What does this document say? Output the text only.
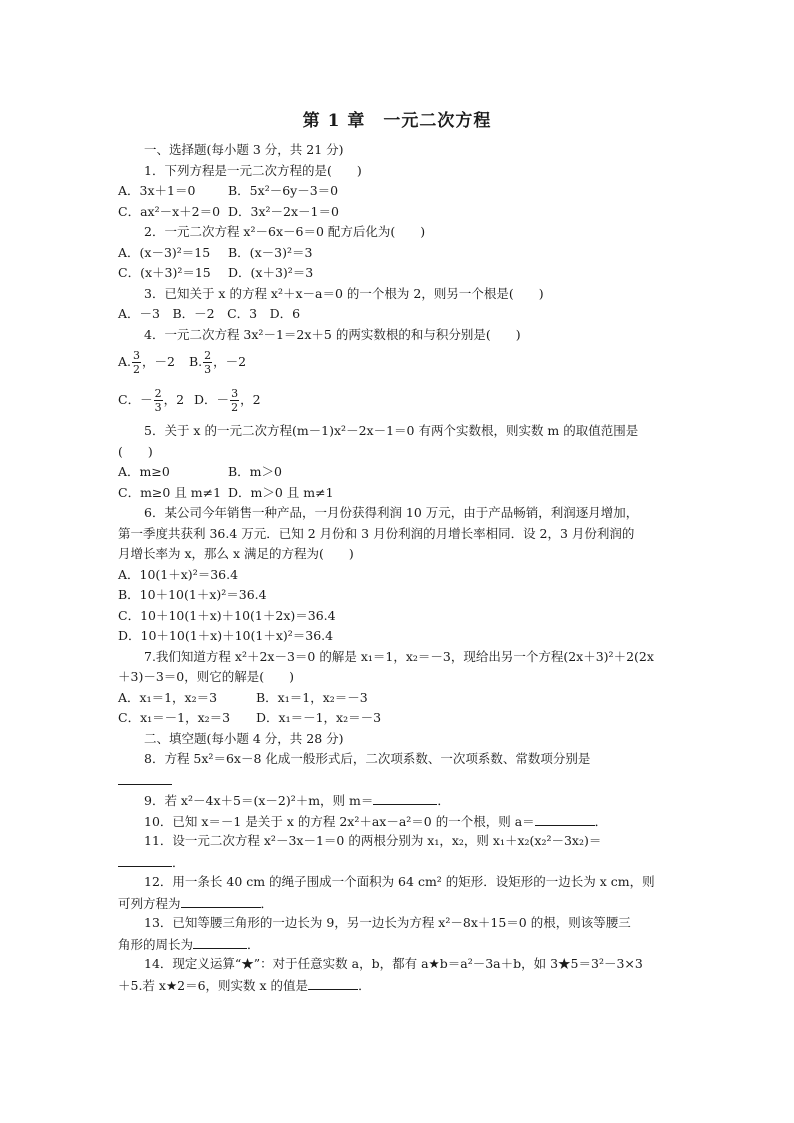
第 1 章　一元二次方程
一、选择题(每小题 3 分，共 21 分)
1．下列方程是一元二次方程的是(　　)
A．3x＋1＝0	B．5x²－6y－3＝0
C．ax²－x＋2＝0 D．3x²－2x－1＝0
2．一元二次方程 x²－6x－6＝0 配方后化为(　　)
A．(x－3)²＝15	B．(x－3)²＝3
C．(x＋3)²＝15	D．(x＋3)²＝3
3．已知关于 x 的方程 x²＋x－a＝0 的一个根为 2，则另一个根是(　　)
A．－3　B．－2　C．3　D．6
4．一元二次方程 3x²－1＝2x＋5 的两实数根的和与积分别是(　　)
A. $\frac{3}{2}$ ，－2 B. $\frac{2}{3}$ ，－2
C．－ $\frac{2}{3}$ ，2 D．－ $\frac{3}{2}$ ，2
5．关于 x 的一元二次方程(m－1)x²－2x－1＝0 有两个实数根，则实数 m 的取值范围是
(　　)
A．m≥0	B．m＞0
C．m≥0 且 m≠1 D．m＞0 且 m≠1
6．某公司今年销售一种产品，一月份获得利润 10 万元，由于产品畅销，利润逐月增加，
第一季度共获利 36.4 万元．已知 2 月份和 3 月份利润的月增长率相同．设 2，3 月份利润的
月增长率为 x，那么 x 满足的方程为(　　)
A．10(1＋x)²＝36.4
B．10＋10(1＋x)²＝36.4
C．10＋10(1＋x)＋10(1＋2x)＝36.4
D．10＋10(1＋x)＋10(1＋x)²＝36.4
7.我们知道方程 x²＋2x－3＝0 的解是 x₁＝1，x₂＝－3，现给出另一个方程(2x＋3)²＋2(2x
＋3)－3＝0，则它的解是(　　)
A．x₁＝1，x₂＝3	B．x₁＝1，x₂＝－3
C．x₁＝－1，x₂＝3	D．x₁＝－1，x₂＝－3
二、填空题(每小题 4 分，共 28 分)
8．方程 5x²＝6x－8 化成一般形式后，二次项系数、一次项系数、常数项分别是
9．若 x²－4x＋5＝(x－2)²＋m，则 m＝	．
10．已知 x＝－1 是关于 x 的方程 2x²＋ax－a²＝0 的一个根，则 a＝	．
11．设一元二次方程 x²－3x－1＝0 的两根分别为 x₁，x₂，则 x₁＋x₂(x₂²－3x₂)＝
．
12．用一条长 40 cm 的绳子围成一个面积为 64 cm² 的矩形．设矩形的一边长为 x cm，则
可列方程为	．
13．已知等腰三角形的一边长为 9，另一边长为方程 x²－8x＋15＝0 的根，则该等腰三
角形的周长为	．
14．现定义运算“★”：对于任意实数 a，b，都有 a★b＝a²－3a＋b，如 3★5＝3²－3×3
＋5.若 x★2＝6，则实数 x 的值是	．
